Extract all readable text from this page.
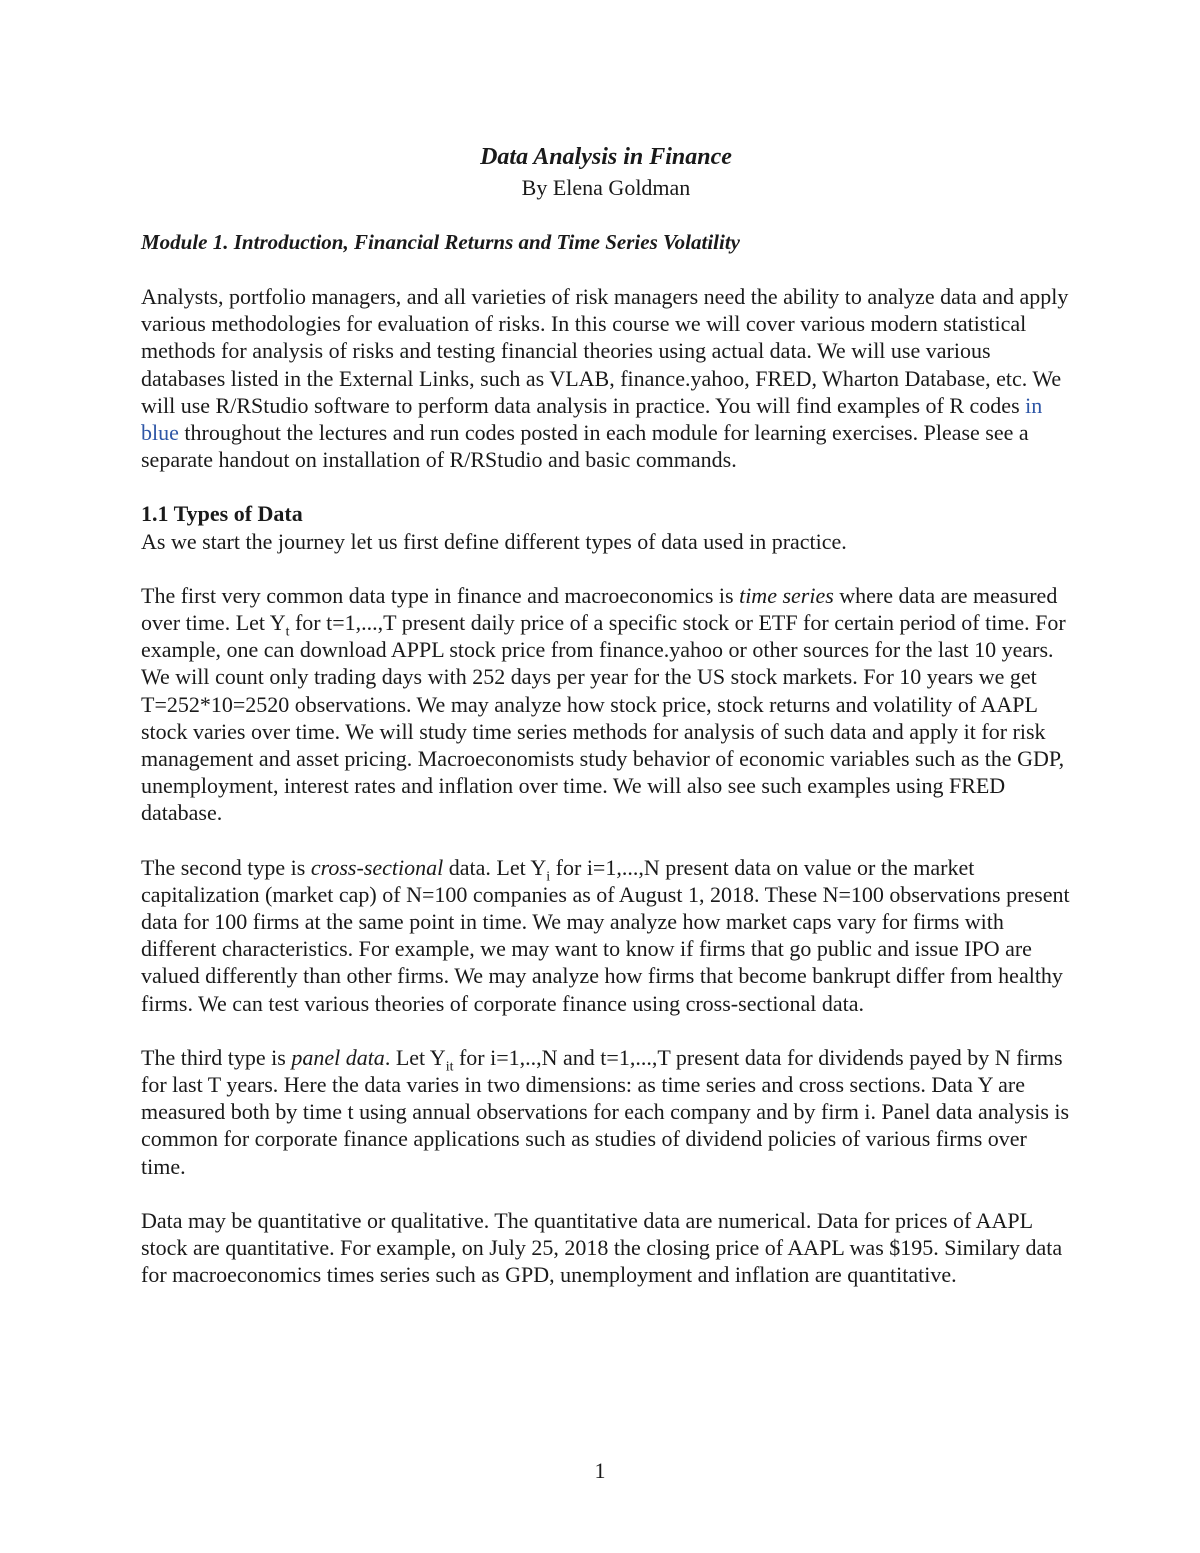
Data Analysis in Finance

By Elena Goldman

Module 1. Introduction, Financial Returns and Time Series Volatility

Analysts, portfolio managers, and all varieties of risk managers need the ability to analyze data and apply various methodologies for evaluation of risks. In this course we will cover various modern statistical methods for analysis of risks and testing financial theories using actual data. We will use various databases listed in the External Links, such as VLAB, finance.yahoo, FRED, Wharton Database, etc. We will use R/RStudio software to perform data analysis in practice. You will find examples of R codes in blue throughout the lectures and run codes posted in each module for learning exercises. Please see a separate handout on installation of R/RStudio and basic commands.

1.1 Types of Data

As we start the journey let us first define different types of data used in practice.

The first very common data type in finance and macroeconomics is time series where data are measured over time. Let $Y_t$ for t=1,...,T present daily price of a specific stock or ETF for certain period of time. For example, one can download APPL stock price from finance.yahoo or other sources for the last 10 years. We will count only trading days with 252 days per year for the US stock markets. For 10 years we get T=252*10=2520 observations. We may analyze how stock price, stock returns and volatility of AAPL stock varies over time. We will study time series methods for analysis of such data and apply it for risk management and asset pricing. Macroeconomists study behavior of economic variables such as the GDP, unemployment, interest rates and inflation over time. We will also see such examples using FRED database.

The second type is cross-sectional data. Let $Y_i$ for i=1,...,N present data on value or the market capitalization (market cap) of N=100 companies as of August 1, 2018. These N=100 observations present data for 100 firms at the same point in time. We may analyze how market caps vary for firms with different characteristics. For example, we may want to know if firms that go public and issue IPO are valued differently than other firms. We may analyze how firms that become bankrupt differ from healthy firms. We can test various theories of corporate finance using cross-sectional data.

The third type is panel data. Let $Y_{it}$ for i=1,..,N and t=1,...,T present data for dividends payed by N firms for last T years. Here the data varies in two dimensions: as time series and cross sections. Data Y are measured both by time t using annual observations for each company and by firm i. Panel data analysis is common for corporate finance applications such as studies of dividend policies of various firms over time.

Data may be quantitative or qualitative. The quantitative data are numerical. Data for prices of AAPL stock are quantitative. For example, on July 25, 2018 the closing price of AAPL was $195. Similary data for macroeconomics times series such as GPD, unemployment and inflation are quantitative.

1
